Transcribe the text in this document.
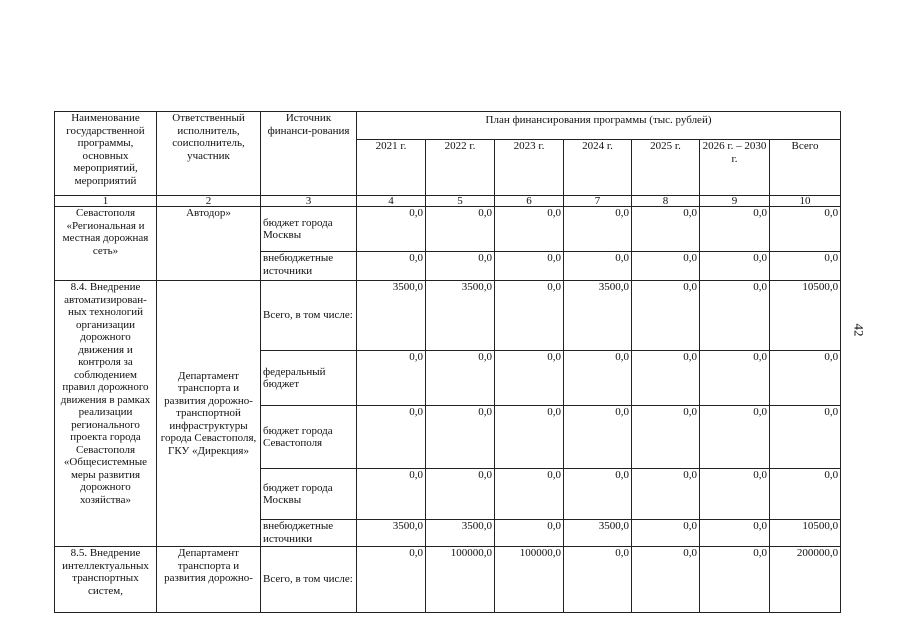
42
Наименование государственной программы, основных мероприятий, мероприятий	Ответственный исполнитель, соисполнитель, участник	Источник финанси-рования	План финансирования программы (тыс. рублей)						
			2021 г.	2022 г.	2023 г.	2024 г.	2025 г.	2026 г. – 2030 г.	Всего
1	2	3	4	5	6	7	8	9	10
Севастополя «Региональная и местная дорожная сеть»	Автодор»	бюджет города Москвы	0,0	0,0	0,0	0,0	0,0	0,0	0,0
		внебюджетные источники	0,0	0,0	0,0	0,0	0,0	0,0	0,0
8.4. Внедрение автоматизирован-ных технологий организации дорожного движения и контроля за соблюдением правил дорожного движения в рамках реализации регионального проекта города Севастополя «Общесистемные меры развития дорожного хозяйства»	Департамент транспорта и развития дорожно-транспортной инфраструктуры города Севастополя, ГКУ «Дирекция»	Всего, в том числе:	3500,0	3500,0	0,0	3500,0	0,0	0,0	10500,0
		федеральный бюджет	0,0	0,0	0,0	0,0	0,0	0,0	0,0
		бюджет города Севастополя	0,0	0,0	0,0	0,0	0,0	0,0	0,0
		бюджет города Москвы	0,0	0,0	0,0	0,0	0,0	0,0	0,0
		внебюджетные источники	3500,0	3500,0	0,0	3500,0	0,0	0,0	10500,0
8.5. Внедрение интеллектуальных транспортных систем,	Департамент транспорта и развития дорожно-	Всего, в том числе:	0,0	100000,0	100000,0	0,0	0,0	0,0	200000,0
